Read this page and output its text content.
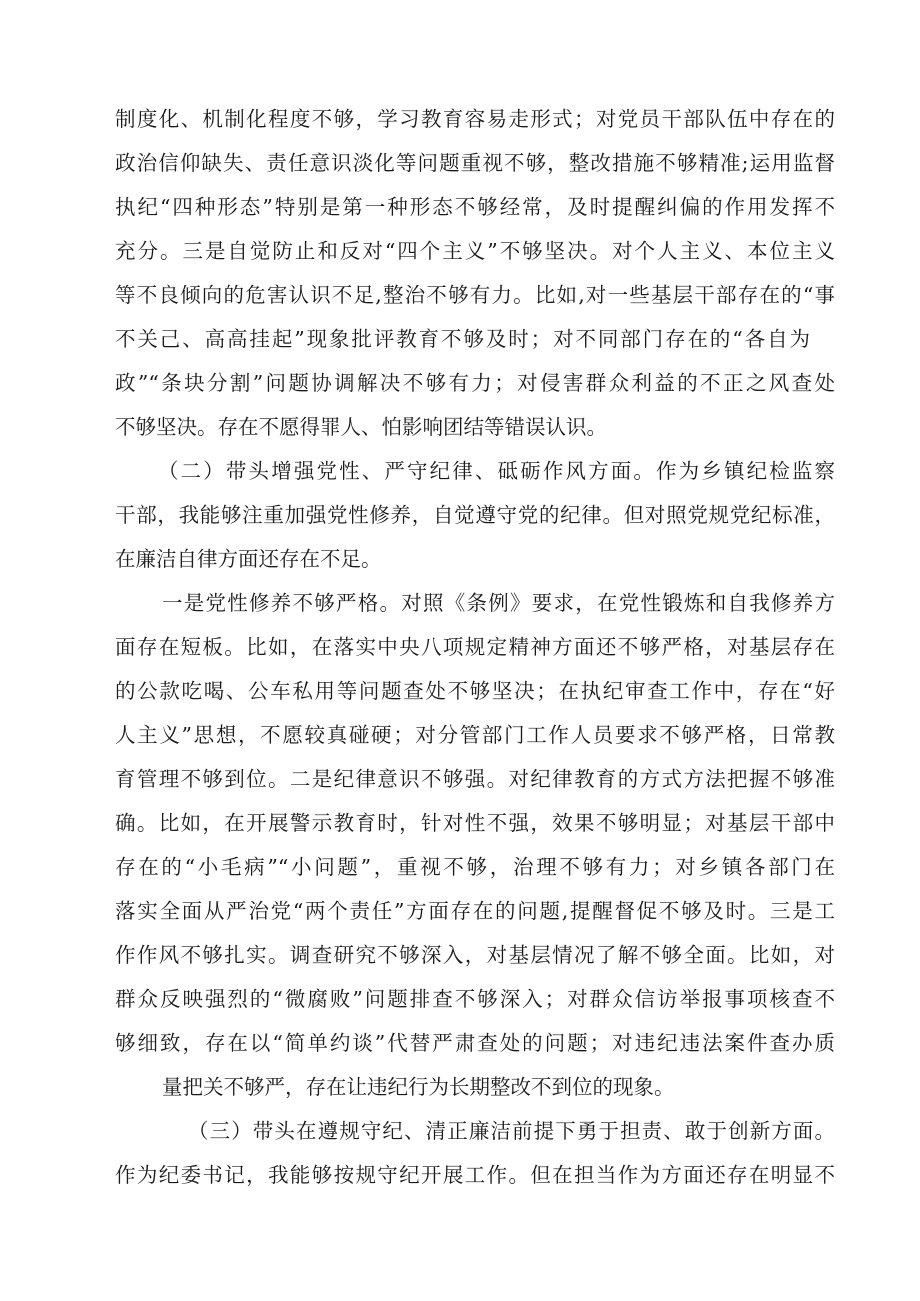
制度化、机制化程度不够，学习教育容易走形式；对党员干部队伍中存在的

政治信仰缺失、责任意识淡化等问题重视不够，整改措施不够精准;运用监督

执纪“四种形态”特别是第一种形态不够经常，及时提醒纠偏的作用发挥不

充分。三是自觉防止和反对“四个主义”不够坚决。对个人主义、本位主义

等不良倾向的危害认识不足,整治不够有力。比如,对一些基层干部存在的“事

不关己、高高挂起”现象批评教育不够及时；对不同部门存在的“各自为

政”“条块分割”问题协调解决不够有力；对侵害群众利益的不正之风查处

不够坚决。存在不愿得罪人、怕影响团结等错误认识。

（二）带头增强党性、严守纪律、砥砺作风方面。作为乡镇纪检监察

干部，我能够注重加强党性修养，自觉遵守党的纪律。但对照党规党纪标准，

在廉洁自律方面还存在不足。

一是党性修养不够严格。对照《条例》要求，在党性锻炼和自我修养方

面存在短板。比如，在落实中央八项规定精神方面还不够严格，对基层存在

的公款吃喝、公车私用等问题查处不够坚决；在执纪审查工作中，存在“好

人主义”思想，不愿较真碰硬；对分管部门工作人员要求不够严格，日常教

育管理不够到位。二是纪律意识不够强。对纪律教育的方式方法把握不够准

确。比如，在开展警示教育时，针对性不强，效果不够明显；对基层干部中

存在的“小毛病”“小问题”，重视不够，治理不够有力；对乡镇各部门在

落实全面从严治党“两个责任”方面存在的问题,提醒督促不够及时。三是工

作作风不够扎实。调查研究不够深入，对基层情况了解不够全面。比如，对

群众反映强烈的“微腐败”问题排查不够深入；对群众信访举报事项核查不

够细致，存在以“简单约谈”代替严肃查处的问题；对违纪违法案件查办质

量把关不够严，存在让违纪行为长期整改不到位的现象。

（三）带头在遵规守纪、清正廉洁前提下勇于担责、敢于创新方面。

作为纪委书记，我能够按规守纪开展工作。但在担当作为方面还存在明显不
